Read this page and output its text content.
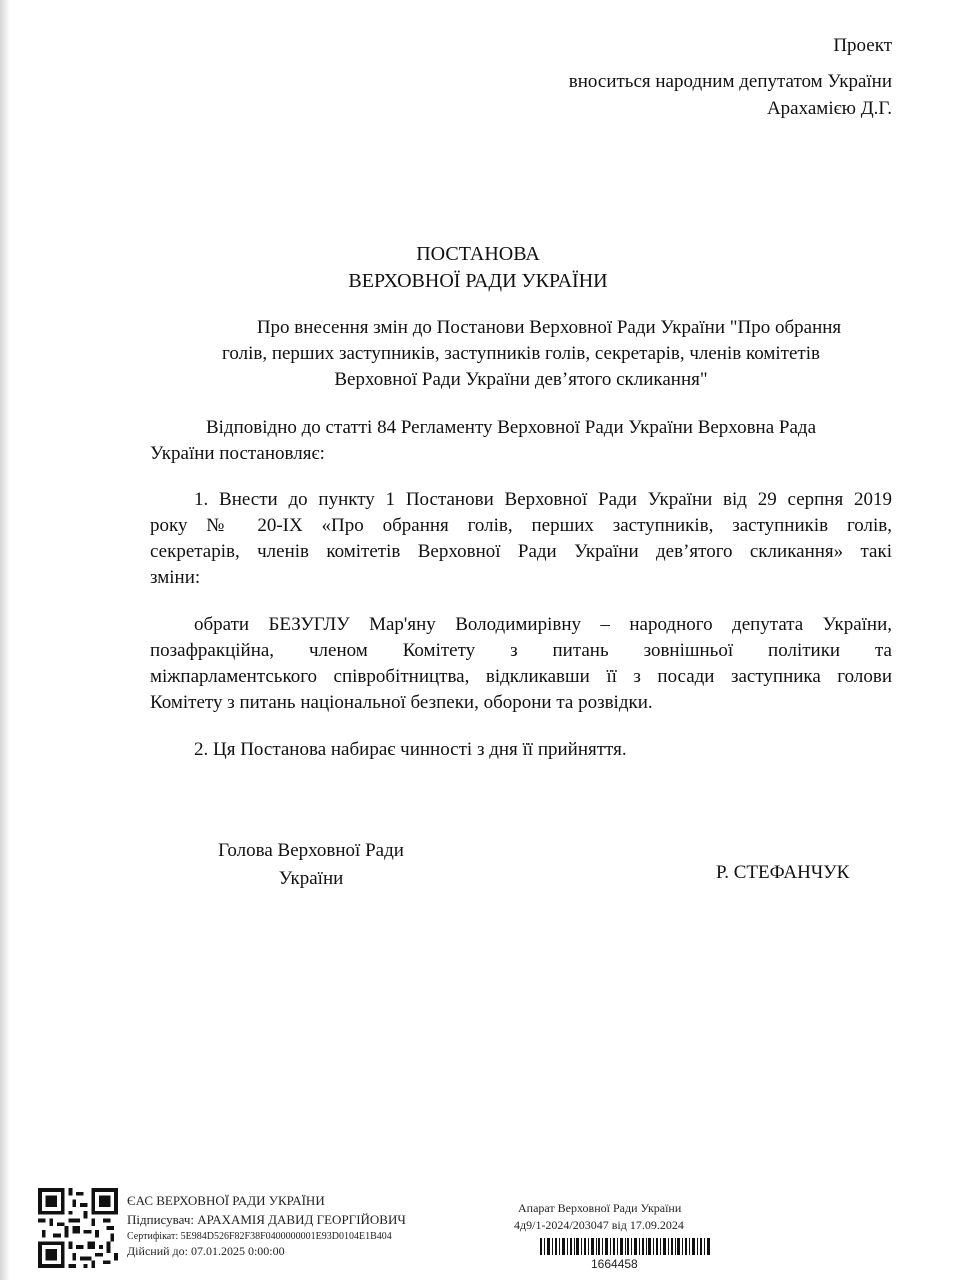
Проект
вноситься народним депутатом України
Арахамією Д.Г.
ПОСТАНОВА
ВЕРХОВНОЇ РАДИ УКРАЇНИ
Про внесення змін до Постанови Верховної Ради України "Про обрання
голів, перших заступників, заступників голів, секретарів, членів комітетів
Верховної Ради України дев’ятого скликання"
Відповідно до статті 84 Регламенту Верховної Ради України Верховна Рада
України постановляє:
1. Внести до пункту 1 Постанови Верховної Ради України від 29 серпня 2019
року № 20-IX «Про обрання голів, перших заступників, заступників голів,
секретарів, членів комітетів Верховної Ради України дев’ятого скликання» такі
зміни:
обрати БЕЗУГЛУ Мар'яну Володимирівну – народного депутата України,
позафракційна, членом Комітету з питань зовнішньої політики та
міжпарламентського співробітництва, відкликавши її з посади заступника голови
Комітету з питань національної безпеки, оборони та розвідки.
2. Ця Постанова набирає чинності з дня її прийняття.
Голова Верховної Ради
України	Р. СТЕФАНЧУК
ЄАС ВЕРХОВНОЇ РАДИ УКРАЇНИ
Підписувач: АРАХАМІЯ ДАВИД ГЕОРГІЙОВИЧ
Сертифікат: 5E984D526F82F38F0400000001E93D0104E1B404
Дійсний до: 07.01.2025 0:00:00
Апарат Верховної Ради України
4д9/1-2024/203047 від 17.09.2024
1664458
